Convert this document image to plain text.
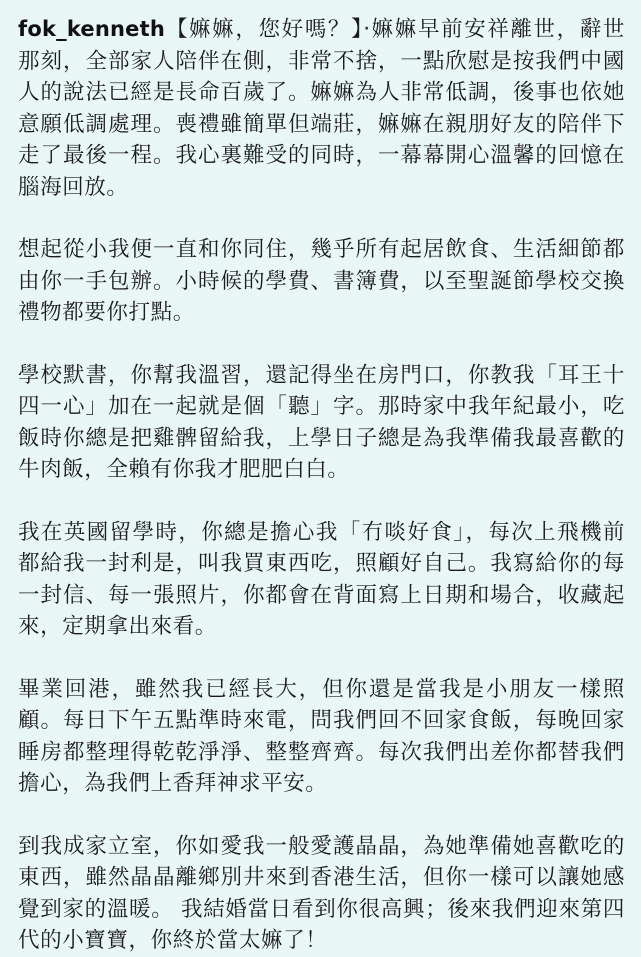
fok_kenneth【嫲嫲，您好嗎？】‧嫲嫲早前安祥離世，辭世那刻，全部家人陪伴在側，非常不捨，一點欣慰是按我們中國人的說法已經是長命百歲了。嫲嫲為人非常低調，後事也依她意願低調處理。喪禮雖簡單但端莊，嫲嫲在親朋好友的陪伴下走了最後一程。我心裏難受的同時，一幕幕開心溫馨的回憶在腦海回放。

想起從小我便一直和你同住，幾乎所有起居飲食、生活細節都由你一手包辦。小時候的學費、書簿費，以至聖誕節學校交換禮物都要你打點。

學校默書，你幫我溫習，還記得坐在房門口，你教我「耳王十四一心」加在一起就是個「聽」字。那時家中我年紀最小，吃飯時你總是把雞髀留給我，上學日子總是為我準備我最喜歡的牛肉飯，全賴有你我才肥肥白白。

我在英國留學時，你總是擔心我「冇啖好食」，每次上飛機前都給我一封利是，叫我買東西吃，照顧好自己。我寫給你的每一封信、每一張照片，你都會在背面寫上日期和場合，收藏起來，定期拿出來看。

畢業回港，雖然我已經長大，但你還是當我是小朋友一樣照顧。每日下午五點準時來電，問我們回不回家食飯，每晚回家睡房都整理得乾乾淨淨、整整齊齊。每次我們出差你都替我們擔心，為我們上香拜神求平安。

到我成家立室，你如愛我一般愛護晶晶，為她準備她喜歡吃的東西，雖然晶晶離鄉別井來到香港生活，但你一樣可以讓她感覺到家的溫暖。 我結婚當日看到你很高興；後來我們迎來第四代的小寶寶，你終於當太嫲了！
